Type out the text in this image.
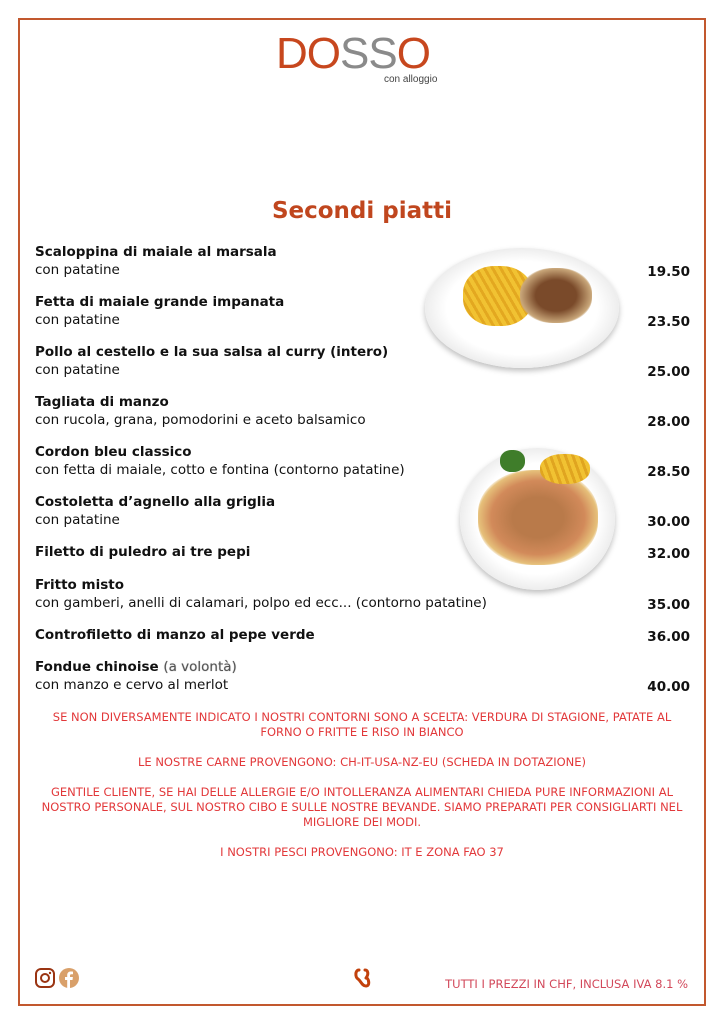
DOSSO
con alloggio
Secondi piatti
Scaloppina di maiale al marsala
con patatine	19.50
Fetta di maiale grande impanata
con patatine	23.50
Pollo al cestello e la sua salsa al curry (intero)
con patatine	25.00
Tagliata di manzo
con rucola, grana, pomodorini e aceto balsamico	28.00
Cordon bleu classico
con fetta di maiale, cotto e fontina (contorno patatine)	28.50
Costoletta d’agnello alla griglia
con patatine	30.00
Filetto di puledro ai tre pepi	32.00
Fritto misto
con gamberi, anelli di calamari, polpo ed ecc... (contorno patatine)	35.00
Controfiletto di manzo al pepe verde	36.00
Fondue chinoise (a volontà)
con manzo e cervo al merlot	40.00

SE NON DIVERSAMENTE INDICATO I NOSTRI CONTORNI SONO A SCELTA: VERDURA DI STAGIONE, PATATE AL FORNO O FRITTE E RISO IN BIANCO

LE NOSTRE CARNE PROVENGONO: CH-IT-USA-NZ-EU (SCHEDA IN DOTAZIONE)

GENTILE CLIENTE, SE HAI DELLE ALLERGIE E/O INTOLLERANZA ALIMENTARI CHIEDA PURE INFORMAZIONI AL NOSTRO PERSONALE, SUL NOSTRO CIBO E SULLE NOSTRE BEVANDE. SIAMO PREPARATI PER CONSIGLIARTI NEL MIGLIORE DEI MODI.

I NOSTRI PESCI PROVENGONO: IT E ZONA FAO 37

TUTTI I PREZZI IN CHF, INCLUSA IVA 8.1 %
